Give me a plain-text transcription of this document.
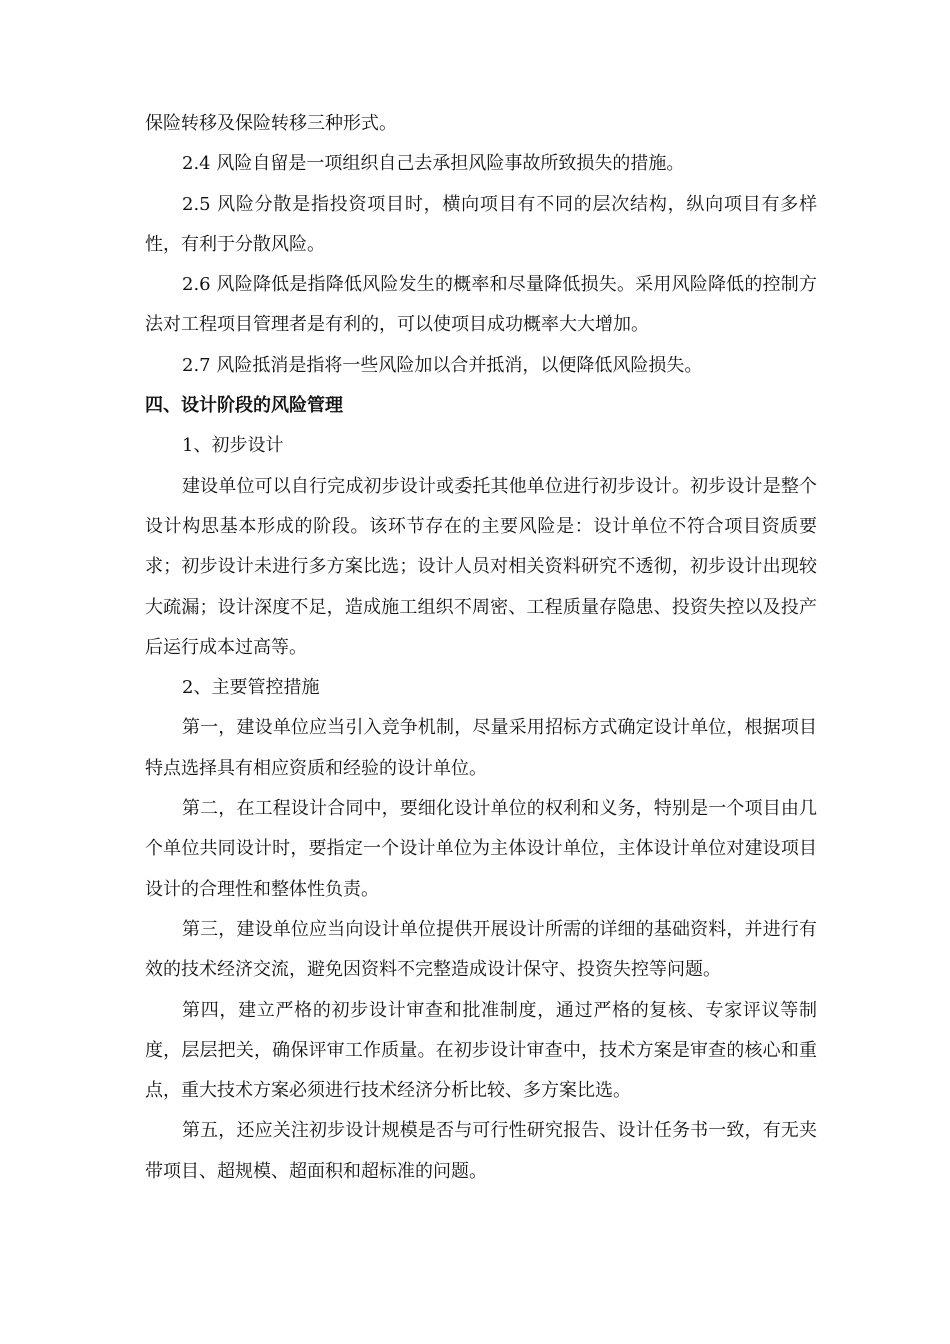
保险转移及保险转移三种形式。

2.4 风险自留是一项组织自己去承担风险事故所致损失的措施。

2.5 风险分散是指投资项目时，横向项目有不同的层次结构，纵向项目有多样性，有利于分散风险。

2.6 风险降低是指降低风险发生的概率和尽量降低损失。采用风险降低的控制方法对工程项目管理者是有利的，可以使项目成功概率大大增加。

2.7 风险抵消是指将一些风险加以合并抵消，以便降低风险损失。

四、设计阶段的风险管理

1、初步设计

建设单位可以自行完成初步设计或委托其他单位进行初步设计。初步设计是整个设计构思基本形成的阶段。该环节存在的主要风险是：设计单位不符合项目资质要求；初步设计未进行多方案比选；设计人员对相关资料研究不透彻，初步设计出现较大疏漏；设计深度不足，造成施工组织不周密、工程质量存隐患、投资失控以及投产后运行成本过高等。

2、主要管控措施

第一，建设单位应当引入竞争机制，尽量采用招标方式确定设计单位，根据项目特点选择具有相应资质和经验的设计单位。

第二，在工程设计合同中，要细化设计单位的权利和义务，特别是一个项目由几个单位共同设计时，要指定一个设计单位为主体设计单位，主体设计单位对建设项目设计的合理性和整体性负责。

第三，建设单位应当向设计单位提供开展设计所需的详细的基础资料，并进行有效的技术经济交流，避免因资料不完整造成设计保守、投资失控等问题。

第四，建立严格的初步设计审查和批准制度，通过严格的复核、专家评议等制度，层层把关，确保评审工作质量。在初步设计审查中，技术方案是审查的核心和重点，重大技术方案必须进行技术经济分析比较、多方案比选。

第五，还应关注初步设计规模是否与可行性研究报告、设计任务书一致，有无夹带项目、超规模、超面积和超标准的问题。
